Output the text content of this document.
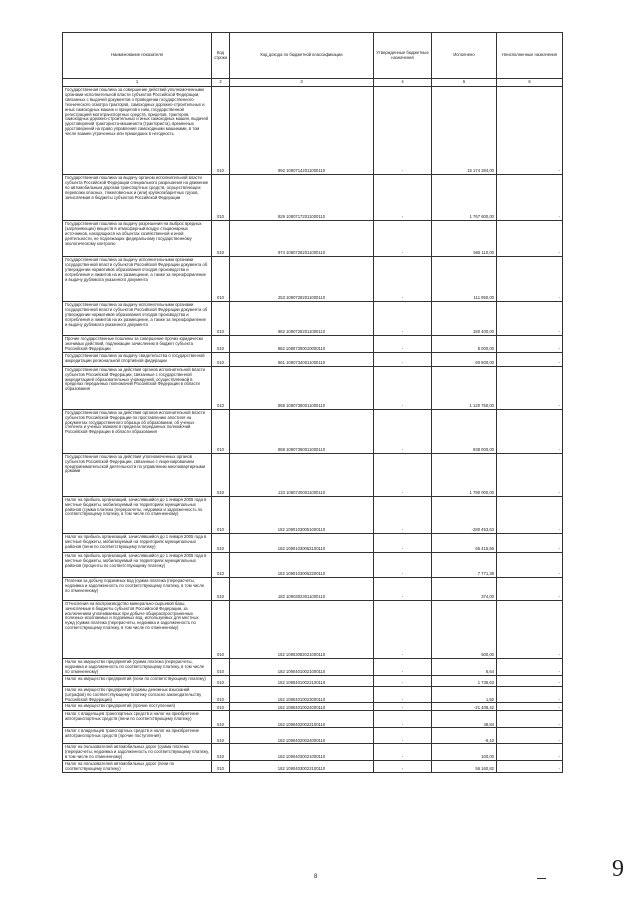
Наименование показателя	Код строки	Код дохода по бюджетной классификации	Утвержденные бюджетные назначения	Исполнено	Неисполненные назначения
1	2	3	4	5	6
Государственная пошлина за совершение действий уполномоченными органами исполнительной власти субъектов Российской Федерации, связанных с выдачей документов о проведении государственного технического осмотра тракторов, самоходных дорожно-строительных и иных самоходных машин и прицепов к ним, государственной регистрацией мототранспортных средств, прицепов, тракторов, самоходных дорожно-строительных и иных самоходных машин, выдачей удостоверений тракториста-машиниста (тракториста), временных удостоверений на право управления самоходными машинами, в том числе взамен утраченных или пришедших в негодность	010	992 10807142011000110	-	15 174 284,00	-
Государственная пошлина за выдачу органом исполнительной власти субъекта Российской Федерации специального разрешения на движение по автомобильным дорогам транспортных средств, осуществляющих перевозки опасных, тяжеловесных и (или) крупногабаритных грузов, зачисляемая в бюджеты субъектов Российской Федерации	010	929 10807172011000110	-	1 767 600,00	-
Государственная пошлина за выдачу разрешения на выброс вредных (загрязняющих) веществ в атмосферный воздух стационарных источников, находящихся на объектах хозяйственной и иной деятельности, не подлежащих федеральному государственному экологическому контролю	010	974 10807262011000110	-	565 110,00	-
Государственная пошлина за выдачу исполнительными органами государственной власти субъектов Российской Федерации документа об утверждении нормативов образования отходов производства и потребления и лимитов на их размещение, а также за переоформление и выдачу дубликата указанного документа	010	253 10807282011000110	-	111 950,00	-
Государственная пошлина за выдачу исполнительными органами государственной власти субъектов Российской Федерации документа об утверждении нормативов образования отходов производства и потребления и лимитов на их размещение, а также за переоформление и выдачу дубликата указанного документа	010	982 10807282011000110	-	150 400,00	-
Прочие государственные пошлины за совершение прочих юридически значимых действий, подлежащие зачислению в бюджет субъекта Российской Федерации	010	982 10807300010000110	-	5 000,00	-
Государственная пошлина за выдачу свидетельства о государственной аккредитации региональной спортивной федерации	010	861 10807340011000110	-	60 500,00	-
Государственная пошлина за действия органов исполнительной власти субъектов Российской Федерации, связанные с государственной аккредитацией образовательных учреждений, осуществляемой в пределах переданных полномочий Российской Федерации в области образования	010	868 10807380011000110	-	1 120 750,00	-
Государственная пошлина за действия органов исполнительной власти субъектов Российской Федерации по проставлению апостиля на документах государственного образца об образовании, об ученых степенях и ученых званиях в пределах переданных полномочий Российской Федерации в области образования	010	868 10807390011000110	-	938 000,00	-
Государственная пошлина за действия уполномоченных органов субъектов Российской Федерации, связанные с лицензированием предпринимательской деятельности по управлению многоквартирными домами	010	133 10807400011000110	-	1 790 000,00	-
Налог на прибыль организаций, зачислявшийся до 1 января 2005 года в местные бюджеты, мобилизуемый на территориях муниципальных районов (сумма платежа (перерасчеты, недоимка и задолженность по соответствующему платежу, в том числе по отмененному)	010	182 10901030051000110	-	-280 453,63	-
Налог на прибыль организаций, зачислявшийся до 1 января 2005 года в местные бюджеты, мобилизуемый на территориях муниципальных районов (пени по соответствующему платежу)	010	182 10901030052100110	-	65 415,56	-
Налог на прибыль организаций, зачислявшийся до 1 января 2005 года в местные бюджеты, мобилизуемый на территориях муниципальных районов (проценты по соответствующему платежу)	010	182 10901030052200110	-	7 771,38	-
Платежи за добычу подземных вод (сумма платежа (перерасчеты, недоимка и задолженность по соответствующему платежу, в том числе по отмененному)	010	182 10903023011000110	-	374,00	-
Отчисления на воспроизводство минерально-сырьевой базы, зачисляемые в бюджеты субъектов Российской Федерации, за исключением уплачиваемых при добыче общераспространенных полезных ископаемых и подземных вод, используемых для местных нужд (сумма платежа (перерасчеты, недоимка и задолженность по соответствующему платежу, в том числе по отмененному)	010	182 10903082021000110	-	500,00	-
Налог на имущество предприятий (сумма платежа (перерасчеты, недоимка и задолженность по соответствующему платежу, в том числе по отмененному)	010	182 10904010021000110	-	6,64	-
Налог на имущество предприятий (пени по соответствующему платежу)	010	182 10904010022100110	-	1 736,63	-
Налог на имущество предприятий (суммы денежных взысканий (штрафов) по соответствующему платежу согласно законодательству Российской Федерации)	010	182 10904010023000110	-	1,50	-
Налог на имущество предприятий (прочие поступления)	010	182 10904010024000110	-	-21 408,42	-
Налог с владельцев транспортных средств и налог на приобретение автотранспортных средств (пени по соответствующему платежу)	010	182 10904020022100110	-	48,84	-
Налог с владельцев транспортных средств и налог на приобретение автотранспортных средств (прочие поступления)	010	182 10904020024000110	-	-6,10	-
Налог на пользователей автомобильных дорог (сумма платежа (перерасчеты, недоимка и задолженность по соответствующему платежу, в том числе по отмененному)	010	182 10904030021000110	-	100,00	-
Налог на пользователей автомобильных дорог (пени по соответствующему платежу)	010	182 10904030022100110	-	56 160,82	-
8	9
